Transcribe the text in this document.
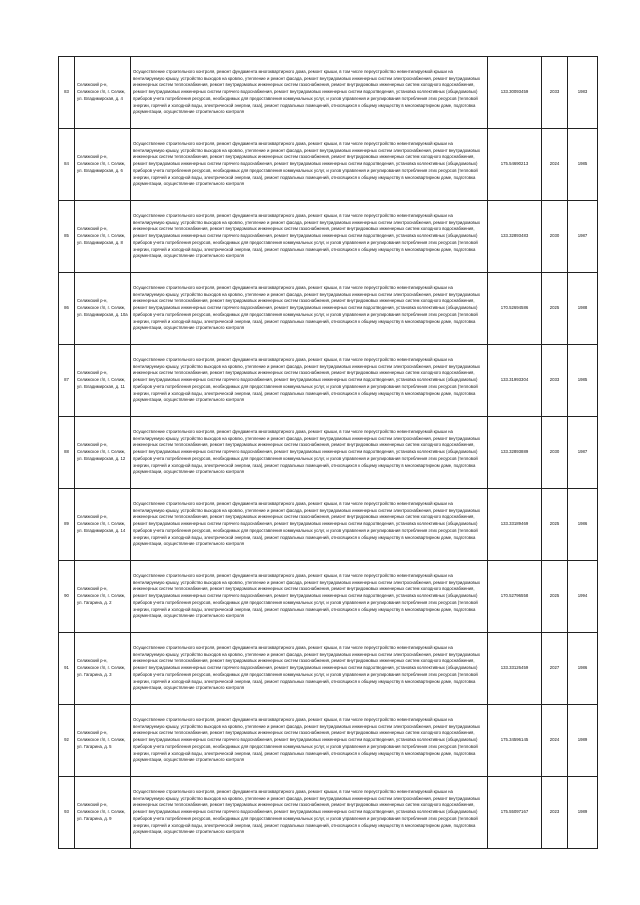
83	Селижский р-н, Селижское г/п, г. Селиж, ул. Владимирская, д. 4	Осуществление строительного контроля, ремонт фундамента многоквартирного дома, ремонт крыши, в том числе переустройство невентилируемой крыши на вентилируемую крышу, устройство выходов на кровлю, утепление и ремонт фасада, ремонт внутридомовых инженерных систем электроснабжения, ремонт внутридомовых инженерных систем теплоснабжения, ремонт внутридомовых инженерных систем газоснабжения, ремонт внутридомовых инженерных систем холодного водоснабжения, ремонт внутридомовых инженерных систем горячего водоснабжения, ремонт внутридомовых инженерных систем водоотведения, установка коллективных (общедомовых) приборов учета потребления ресурсов, необходимых для предоставления коммунальных услуг, и узлов управления и регулирования потребления этих ресурсов (тепловой энергии, горячей и холодной воды, электрической энергии, газа), ремонт подвальных помещений, относящихся к общему имуществу в многоквартирном доме, подготовка документации, осуществление строительного контроля	133.30093459	2033	1983
84	Селижский р-н, Селижское г/п, г. Селиж, ул. Владимирская, д. 6	Осуществление строительного контроля, ремонт фундамента многоквартирного дома, ремонт крыши, в том числе переустройство невентилируемой крыши на вентилируемую крышу, устройство выходов на кровлю, утепление и ремонт фасада, ремонт внутридомовых инженерных систем электроснабжения, ремонт внутридомовых инженерных систем теплоснабжения, ремонт внутридомовых инженерных систем газоснабжения, ремонт внутридомовых инженерных систем холодного водоснабжения, ремонт внутридомовых инженерных систем горячего водоснабжения, ремонт внутридомовых инженерных систем водоотведения, установка коллективных (общедомовых) приборов учета потребления ресурсов, необходимых для предоставления коммунальных услуг, и узлов управления и регулирования потребления этих ресурсов (тепловой энергии, горячей и холодной воды, электрической энергии, газа), ремонт подвальных помещений, относящихся к общему имуществу в многоквартирном доме, подготовка документации, осуществление строительного контроля	175.54690213	2024	1985
85	Селижский р-н, Селижское г/п, г. Селиж, ул. Владимирская, д. 8	Осуществление строительного контроля, ремонт фундамента многоквартирного дома, ремонт крыши, в том числе переустройство невентилируемой крыши на вентилируемую крышу, устройство выходов на кровлю, утепление и ремонт фасада, ремонт внутридомовых инженерных систем электроснабжения, ремонт внутридомовых инженерных систем теплоснабжения, ремонт внутридомовых инженерных систем газоснабжения, ремонт внутридомовых инженерных систем холодного водоснабжения, ремонт внутридомовых инженерных систем горячего водоснабжения, ремонт внутридомовых инженерных систем водоотведения, установка коллективных (общедомовых) приборов учета потребления ресурсов, необходимых для предоставления коммунальных услуг, и узлов управления и регулирования потребления этих ресурсов (тепловой энергии, горячей и холодной воды, электрической энергии, газа), ремонт подвальных помещений, относящихся к общему имуществу в многоквартирном доме, подготовка документации, осуществление строительного контроля	133.32893483	2030	1987
86	Селижский р-н, Селижское г/п, г. Селиж, ул. Владимирская, д. 10а	Осуществление строительного контроля, ремонт фундамента многоквартирного дома, ремонт крыши, в том числе переустройство невентилируемой крыши на вентилируемую крышу, устройство выходов на кровлю, утепление и ремонт фасада, ремонт внутридомовых инженерных систем электроснабжения, ремонт внутридомовых инженерных систем теплоснабжения, ремонт внутридомовых инженерных систем газоснабжения, ремонт внутридомовых инженерных систем холодного водоснабжения, ремонт внутридомовых инженерных систем горячего водоснабжения, ремонт внутридомовых инженерных систем водоотведения, установка коллективных (общедомовых) приборов учета потребления ресурсов, необходимых для предоставления коммунальных услуг, и узлов управления и регулирования потребления этих ресурсов (тепловой энергии, горячей и холодной воды, электрической энергии, газа), ремонт подвальных помещений, относящихся к общему имуществу в многоквартирном доме, подготовка документации, осуществление строительного контроля	170.52694586	2025	1988
87	Селижский р-н, Селижское г/п, г. Селиж, ул. Владимирская, д. 11	Осуществление строительного контроля, ремонт фундамента многоквартирного дома, ремонт крыши, в том числе переустройство невентилируемой крыши на вентилируемую крышу, устройство выходов на кровлю, утепление и ремонт фасада, ремонт внутридомовых инженерных систем электроснабжения, ремонт внутридомовых инженерных систем теплоснабжения, ремонт внутридомовых инженерных систем газоснабжения, ремонт внутридомовых инженерных систем холодного водоснабжения, ремонт внутридомовых инженерных систем горячего водоснабжения, ремонт внутридомовых инженерных систем водоотведения, установка коллективных (общедомовых) приборов учета потребления ресурсов, необходимых для предоставления коммунальных услуг, и узлов управления и регулирования потребления этих ресурсов (тепловой энергии, горячей и холодной воды, электрической энергии, газа), ремонт подвальных помещений, относящихся к общему имуществу в многоквартирном доме, подготовка документации, осуществление строительного контроля	133.31993304	2033	1985
88	Селижский р-н, Селижское г/п, г. Селиж, ул. Владимирская, д. 12	Осуществление строительного контроля, ремонт фундамента многоквартирного дома, ремонт крыши, в том числе переустройство невентилируемой крыши на вентилируемую крышу, устройство выходов на кровлю, утепление и ремонт фасада, ремонт внутридомовых инженерных систем электроснабжения, ремонт внутридомовых инженерных систем теплоснабжения, ремонт внутридомовых инженерных систем газоснабжения, ремонт внутридомовых инженерных систем холодного водоснабжения, ремонт внутридомовых инженерных систем горячего водоснабжения, ремонт внутридомовых инженерных систем водоотведения, установка коллективных (общедомовых) приборов учета потребления ресурсов, необходимых для предоставления коммунальных услуг, и узлов управления и регулирования потребления этих ресурсов (тепловой энергии, горячей и холодной воды, электрической энергии, газа), ремонт подвальных помещений, относящихся к общему имуществу в многоквартирном доме, подготовка документации, осуществление строительного контроля	133.32893889	2030	1987
89	Селижский р-н, Селижское г/п, г. Селиж, ул. Владимирская, д. 14	Осуществление строительного контроля, ремонт фундамента многоквартирного дома, ремонт крыши, в том числе переустройство невентилируемой крыши на вентилируемую крышу, устройство выходов на кровлю, утепление и ремонт фасада, ремонт внутридомовых инженерных систем электроснабжения, ремонт внутридомовых инженерных систем теплоснабжения, ремонт внутридомовых инженерных систем газоснабжения, ремонт внутридомовых инженерных систем холодного водоснабжения, ремонт внутридомовых инженерных систем горячего водоснабжения, ремонт внутридомовых инженерных систем водоотведения, установка коллективных (общедомовых) приборов учета потребления ресурсов, необходимых для предоставления коммунальных услуг, и узлов управления и регулирования потребления этих ресурсов (тепловой энергии, горячей и холодной воды, электрической энергии, газа), ремонт подвальных помещений, относящихся к общему имуществу в многоквартирном доме, подготовка документации, осуществление строительного контроля	133.33189469	2025	1986
90	Селижский р-н, Селижское г/п, г. Селиж, ул. Гагарина, д. 2	Осуществление строительного контроля, ремонт фундамента многоквартирного дома, ремонт крыши, в том числе переустройство невентилируемой крыши на вентилируемую крышу, устройство выходов на кровлю, утепление и ремонт фасада, ремонт внутридомовых инженерных систем электроснабжения, ремонт внутридомовых инженерных систем теплоснабжения, ремонт внутридомовых инженерных систем газоснабжения, ремонт внутридомовых инженерных систем холодного водоснабжения, ремонт внутридомовых инженерных систем горячего водоснабжения, ремонт внутридомовых инженерных систем водоотведения, установка коллективных (общедомовых) приборов учета потребления ресурсов, необходимых для предоставления коммунальных услуг, и узлов управления и регулирования потребления этих ресурсов (тепловой энергии, горячей и холодной воды, электрической энергии, газа), ремонт подвальных помещений, относящихся к общему имуществу в многоквартирном доме, подготовка документации, осуществление строительного контроля	170.52796558	2025	1994
91	Селижский р-н, Селижское г/п, г. Селиж, ул. Гагарина, д. 3	Осуществление строительного контроля, ремонт фундамента многоквартирного дома, ремонт крыши, в том числе переустройство невентилируемой крыши на вентилируемую крышу, устройство выходов на кровлю, утепление и ремонт фасада, ремонт внутридомовых инженерных систем электроснабжения, ремонт внутридомовых инженерных систем теплоснабжения, ремонт внутридомовых инженерных систем газоснабжения, ремонт внутридомовых инженерных систем холодного водоснабжения, ремонт внутридомовых инженерных систем горячего водоснабжения, ремонт внутридомовых инженерных систем водоотведения, установка коллективных (общедомовых) приборов учета потребления ресурсов, необходимых для предоставления коммунальных услуг, и узлов управления и регулирования потребления этих ресурсов (тепловой энергии, горячей и холодной воды, электрической энергии, газа), ремонт подвальных помещений, относящихся к общему имуществу в многоквартирном доме, подготовка документации, осуществление строительного контроля	133.33126459	2027	1986
92	Селижский р-н, Селижское г/п, г. Селиж, ул. Гагарина, д. 5	Осуществление строительного контроля, ремонт фундамента многоквартирного дома, ремонт крыши, в том числе переустройство невентилируемой крыши на вентилируемую крышу, устройство выходов на кровлю, утепление и ремонт фасада, ремонт внутридомовых инженерных систем электроснабжения, ремонт внутридомовых инженерных систем теплоснабжения, ремонт внутридомовых инженерных систем газоснабжения, ремонт внутридомовых инженерных систем холодного водоснабжения, ремонт внутридомовых инженерных систем горячего водоснабжения, ремонт внутридомовых инженерных систем водоотведения, установка коллективных (общедомовых) приборов учета потребления ресурсов, необходимых для предоставления коммунальных услуг, и узлов управления и регулирования потребления этих ресурсов (тепловой энергии, горячей и холодной воды, электрической энергии, газа), ремонт подвальных помещений, относящихся к общему имуществу в многоквартирном доме, подготовка документации, осуществление строительного контроля	175.34596145	2024	1989
93	Селижский р-н, Селижское г/п, г. Селиж, ул. Гагарина, д. 9	Осуществление строительного контроля, ремонт фундамента многоквартирного дома, ремонт крыши, в том числе переустройство невентилируемой крыши на вентилируемую крышу, устройство выходов на кровлю, утепление и ремонт фасада, ремонт внутридомовых инженерных систем электроснабжения, ремонт внутридомовых инженерных систем теплоснабжения, ремонт внутридомовых инженерных систем газоснабжения, ремонт внутридомовых инженерных систем холодного водоснабжения, ремонт внутридомовых инженерных систем горячего водоснабжения, ремонт внутридомовых инженерных систем водоотведения, установка коллективных (общедомовых) приборов учета потребления ресурсов, необходимых для предоставления коммунальных услуг, и узлов управления и регулирования потребления этих ресурсов (тепловой энергии, горячей и холодной воды, электрической энергии, газа), ремонт подвальных помещений, относящихся к общему имуществу в многоквартирном доме, подготовка документации, осуществление строительного контроля	175.55097167	2023	1989
